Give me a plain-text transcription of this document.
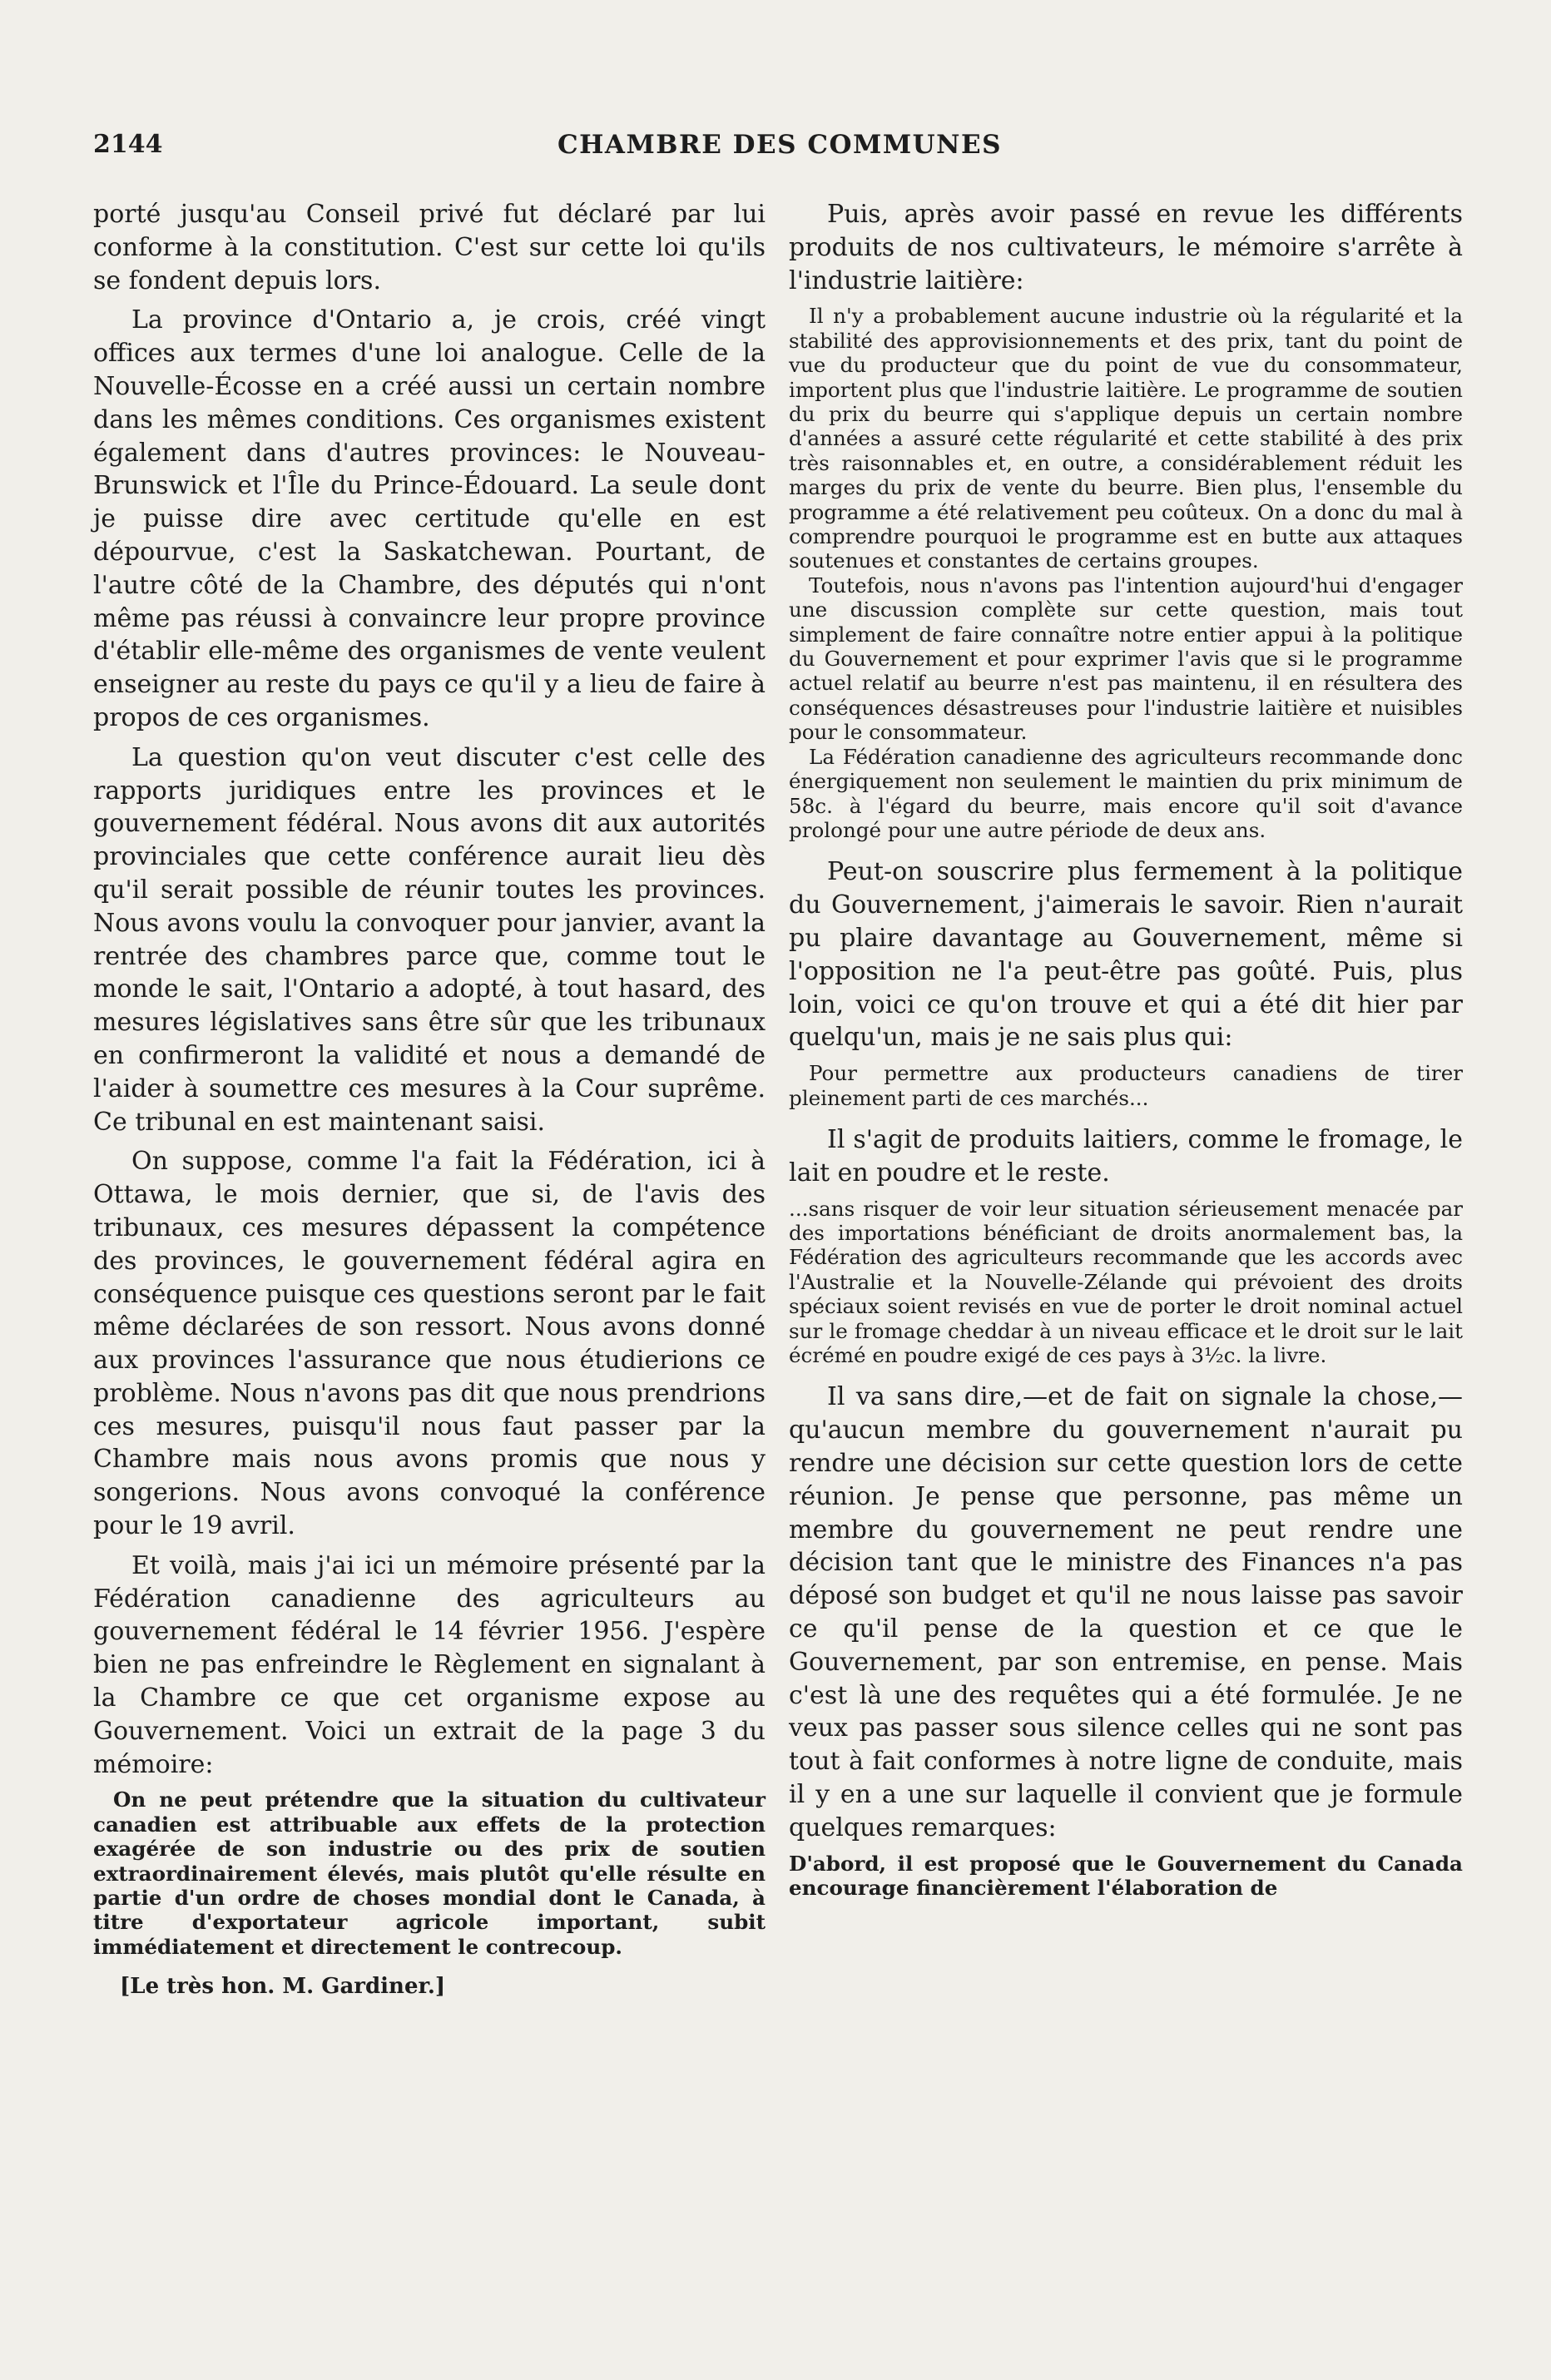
2144	CHAMBRE DES COMMUNES

porté jusqu'au Conseil privé fut déclaré par lui conforme à la constitution. C'est sur cette loi qu'ils se fondent depuis lors.

La province d'Ontario a, je crois, créé vingt offices aux termes d'une loi analogue. Celle de la Nouvelle-Écosse en a créé aussi un certain nombre dans les mêmes conditions. Ces organismes existent également dans d'autres provinces: le Nouveau-Brunswick et l'Île du Prince-Édouard. La seule dont je puisse dire avec certitude qu'elle en est dépourvue, c'est la Saskatchewan. Pourtant, de l'autre côté de la Chambre, des députés qui n'ont même pas réussi à convaincre leur propre province d'établir elle-même des organismes de vente veulent enseigner au reste du pays ce qu'il y a lieu de faire à propos de ces organismes.

La question qu'on veut discuter c'est celle des rapports juridiques entre les provinces et le gouvernement fédéral. Nous avons dit aux autorités provinciales que cette conférence aurait lieu dès qu'il serait possible de réunir toutes les provinces. Nous avons voulu la convoquer pour janvier, avant la rentrée des chambres parce que, comme tout le monde le sait, l'Ontario a adopté, à tout hasard, des mesures législatives sans être sûr que les tribunaux en confirmeront la validité et nous a demandé de l'aider à soumettre ces mesures à la Cour suprême. Ce tribunal en est maintenant saisi.

On suppose, comme l'a fait la Fédération, ici à Ottawa, le mois dernier, que si, de l'avis des tribunaux, ces mesures dépassent la compétence des provinces, le gouvernement fédéral agira en conséquence puisque ces questions seront par le fait même déclarées de son ressort. Nous avons donné aux provinces l'assurance que nous étudierions ce problème. Nous n'avons pas dit que nous prendrions ces mesures, puisqu'il nous faut passer par la Chambre mais nous avons promis que nous y songerions. Nous avons convoqué la conférence pour le 19 avril.

Et voilà, mais j'ai ici un mémoire présenté par la Fédération canadienne des agriculteurs au gouvernement fédéral le 14 février 1956. J'espère bien ne pas enfreindre le Règlement en signalant à la Chambre ce que cet organisme expose au Gouvernement. Voici un extrait de la page 3 du mémoire:

On ne peut prétendre que la situation du cultivateur canadien est attribuable aux effets de la protection exagérée de son industrie ou des prix de soutien extraordinairement élevés, mais plutôt qu'elle résulte en partie d'un ordre de choses mondial dont le Canada, à titre d'exportateur agricole important, subit immédiatement et directement le contrecoup.

[Le très hon. M. Gardiner.]

Puis, après avoir passé en revue les différents produits de nos cultivateurs, le mémoire s'arrête à l'industrie laitière:

Il n'y a probablement aucune industrie où la régularité et la stabilité des approvisionnements et des prix, tant du point de vue du producteur que du point de vue du consommateur, importent plus que l'industrie laitière. Le programme de soutien du prix du beurre qui s'applique depuis un certain nombre d'années a assuré cette régularité et cette stabilité à des prix très raisonnables et, en outre, a considérablement réduit les marges du prix de vente du beurre. Bien plus, l'ensemble du programme a été relativement peu coûteux. On a donc du mal à comprendre pourquoi le programme est en butte aux attaques soutenues et constantes de certains groupes.

Toutefois, nous n'avons pas l'intention aujourd'hui d'engager une discussion complète sur cette question, mais tout simplement de faire connaître notre entier appui à la politique du Gouvernement et pour exprimer l'avis que si le programme actuel relatif au beurre n'est pas maintenu, il en résultera des conséquences désastreuses pour l'industrie laitière et nuisibles pour le consommateur.

La Fédération canadienne des agriculteurs recommande donc énergiquement non seulement le maintien du prix minimum de 58c. à l'égard du beurre, mais encore qu'il soit d'avance prolongé pour une autre période de deux ans.

Peut-on souscrire plus fermement à la politique du Gouvernement, j'aimerais le savoir. Rien n'aurait pu plaire davantage au Gouvernement, même si l'opposition ne l'a peut-être pas goûté. Puis, plus loin, voici ce qu'on trouve et qui a été dit hier par quelqu'un, mais je ne sais plus qui:

Pour permettre aux producteurs canadiens de tirer pleinement parti de ces marchés...

Il s'agit de produits laitiers, comme le fromage, le lait en poudre et le reste.

...sans risquer de voir leur situation sérieusement menacée par des importations bénéficiant de droits anormalement bas, la Fédération des agriculteurs recommande que les accords avec l'Australie et la Nouvelle-Zélande qui prévoient des droits spéciaux soient revisés en vue de porter le droit nominal actuel sur le fromage cheddar à un niveau efficace et le droit sur le lait écrémé en poudre exigé de ces pays à 3½c. la livre.

Il va sans dire,—et de fait on signale la chose,—qu'aucun membre du gouvernement n'aurait pu rendre une décision sur cette question lors de cette réunion. Je pense que personne, pas même un membre du gouvernement ne peut rendre une décision tant que le ministre des Finances n'a pas déposé son budget et qu'il ne nous laisse pas savoir ce qu'il pense de la question et ce que le Gouvernement, par son entremise, en pense. Mais c'est là une des requêtes qui a été formulée. Je ne veux pas passer sous silence celles qui ne sont pas tout à fait conformes à notre ligne de conduite, mais il y en a une sur laquelle il convient que je formule quelques remarques:

D'abord, il est proposé que le Gouvernement du Canada encourage financièrement l'élaboration de
